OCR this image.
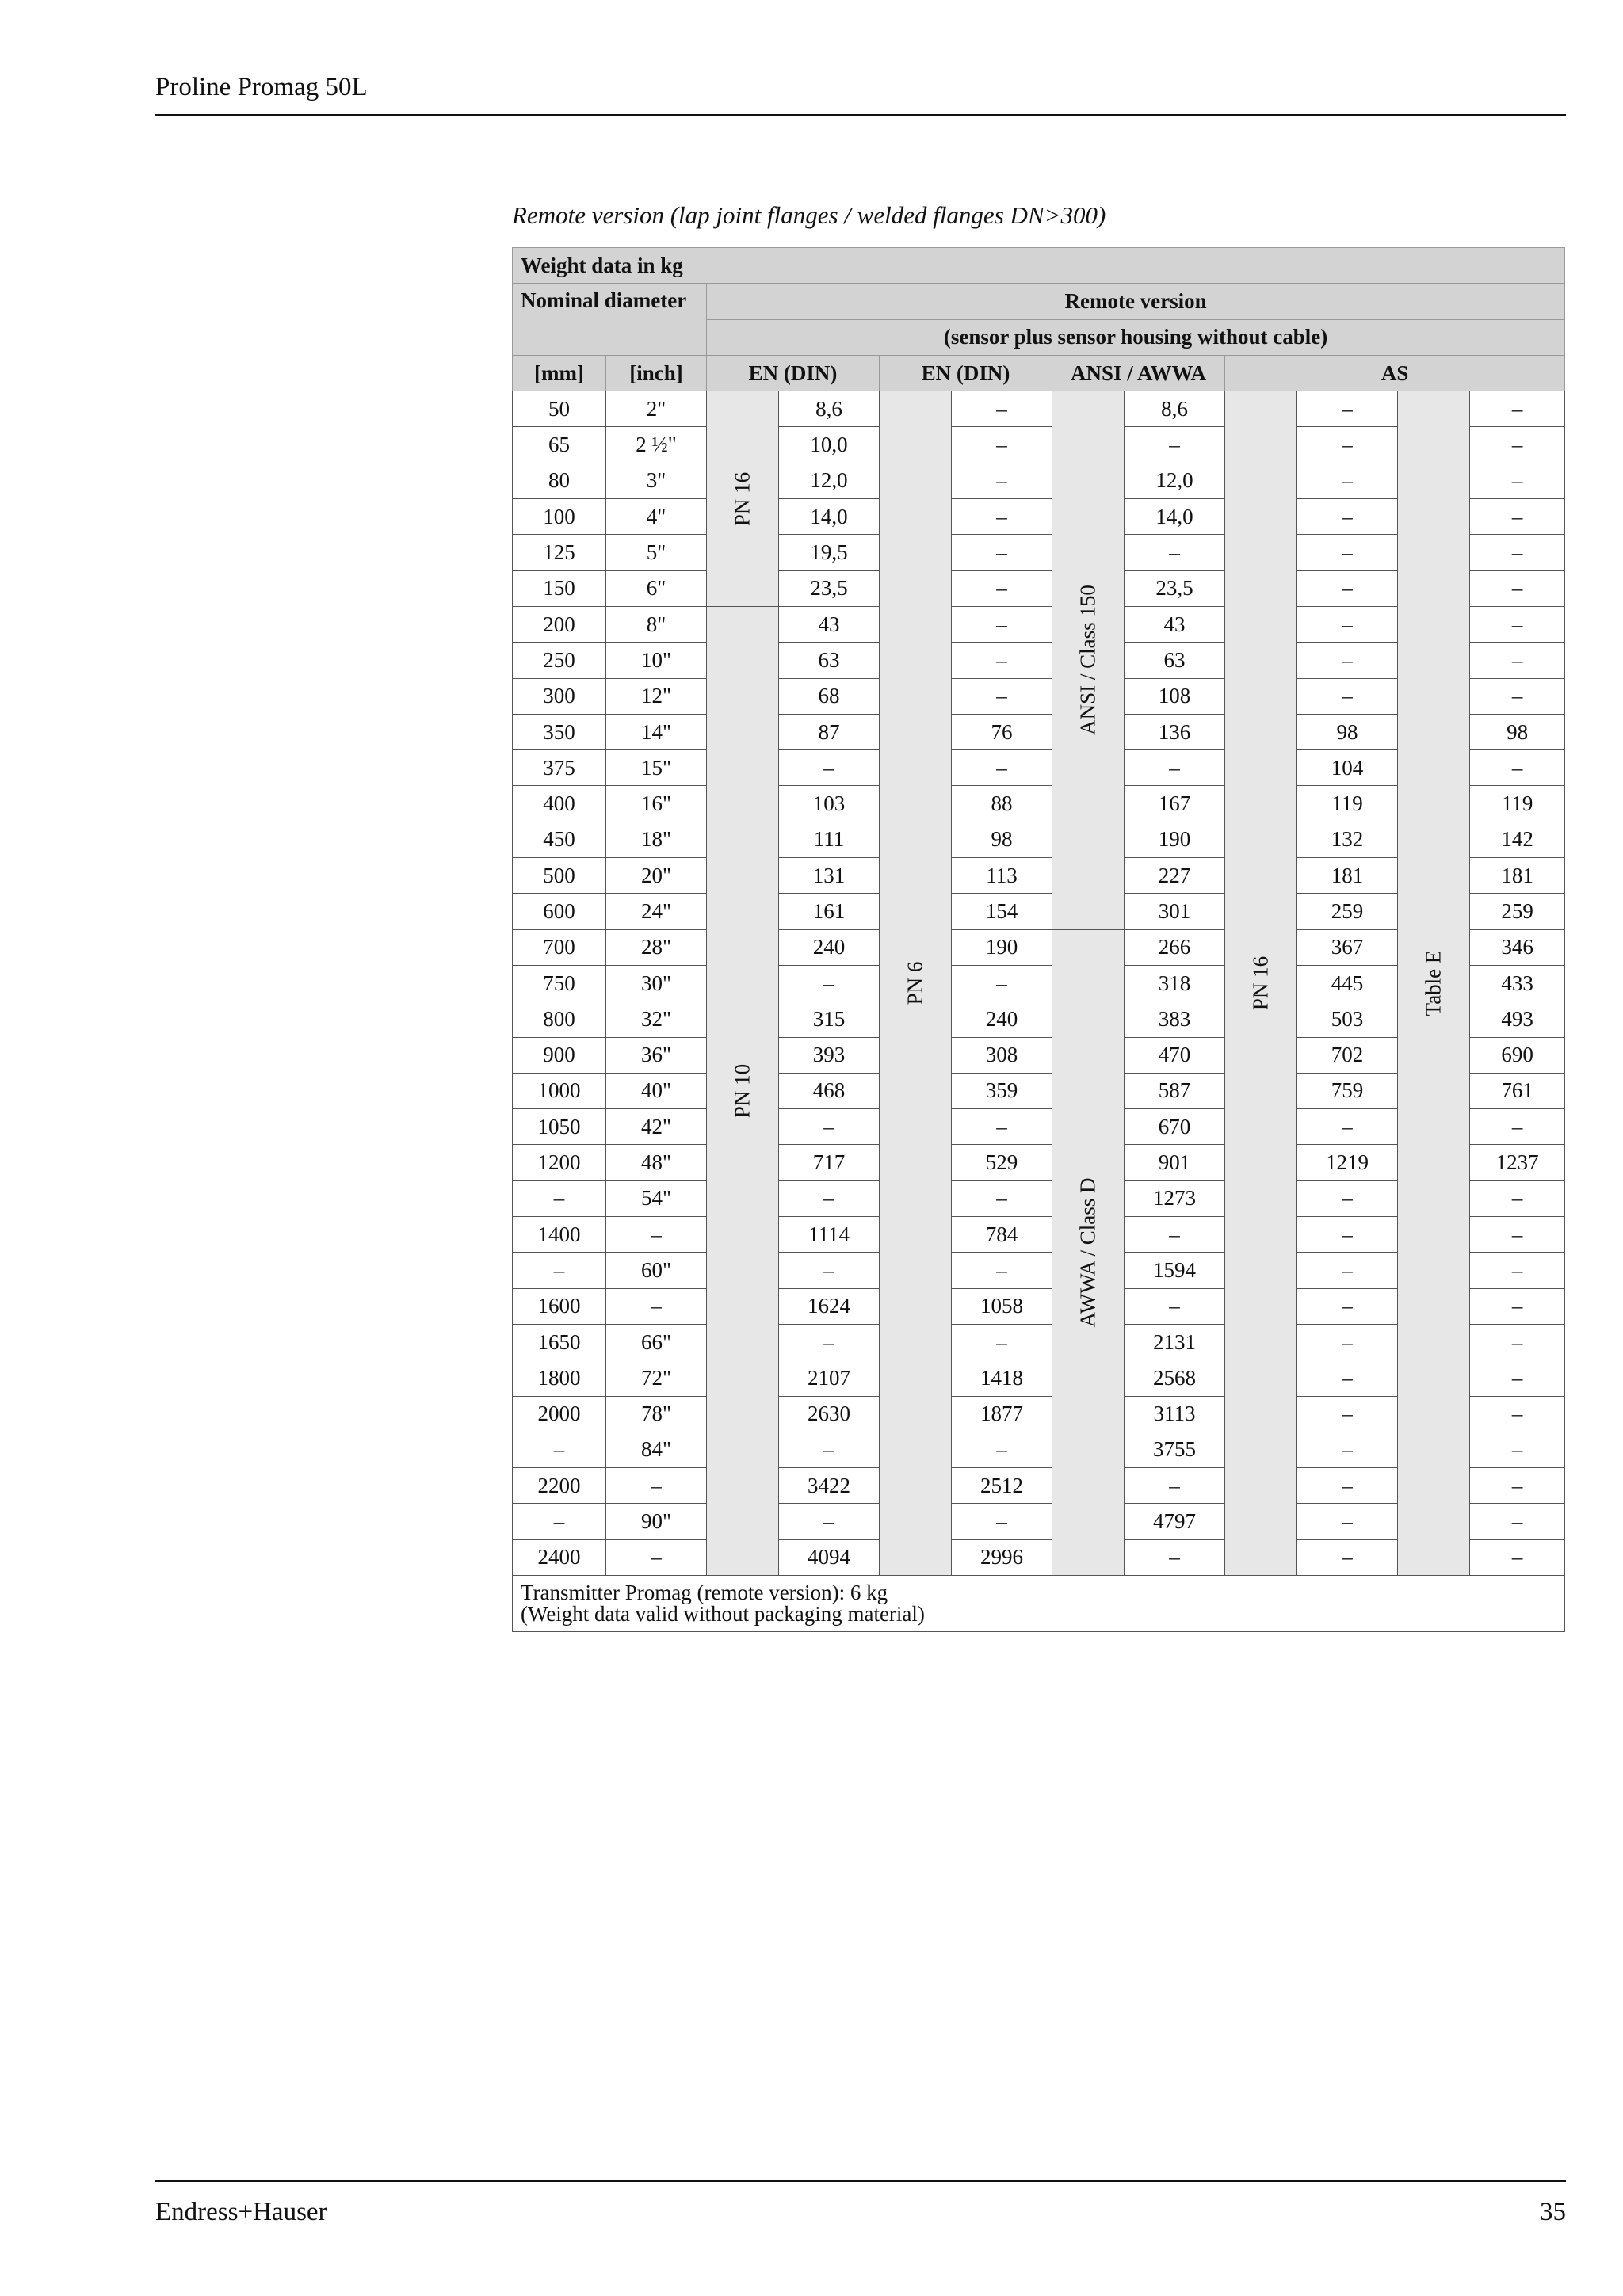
Proline Promag 50L
Remote version (lap joint flanges / welded flanges DN>300)
Weight data in kg											
Nominal diameter		Remote version									
		(sensor plus sensor housing without cable)									
[mm]	[inch]	EN (DIN)		EN (DIN)		ANSI / AWWA		AS			
50	2"	PN 16	8,6	PN 6	–	ANSI / Class 150	8,6	PN 16	–	Table E	–
65	2 ½"		10,0		–		–		–		–
80	3"		12,0		–		12,0		–		–
100	4"		14,0		–		14,0		–		–
125	5"		19,5		–		–		–		–
150	6"		23,5		–		23,5		–		–
200	8"	PN 10	43		–		43		–		–
250	10"		63		–		63		–		–
300	12"		68		–		108		–		–
350	14"		87		76		136		98		98
375	15"		–		–		–		104		–
400	16"		103		88		167		119		119
450	18"		111		98		190		132		142
500	20"		131		113		227		181		181
600	24"		161		154		301		259		259
700	28"		240		190	AWWA / Class D	266		367		346
750	30"		–		–		318		445		433
800	32"		315		240		383		503		493
900	36"		393		308		470		702		690
1000	40"		468		359		587		759		761
1050	42"		–		–		670		–		–
1200	48"		717		529		901		1219		1237
–	54"		–		–		1273		–		–
1400	–		1114		784		–		–		–
–	60"		–		–		1594		–		–
1600	–		1624		1058		–		–		–
1650	66"		–		–		2131		–		–
1800	72"		2107		1418		2568		–		–
2000	78"		2630		1877		3113		–		–
–	84"		–		–		3755		–		–
2200	–		3422		2512		–		–		–
–	90"		–		–		4797		–		–
2400	–		4094		2996		–		–		–

Transmitter Promag (remote version): 6 kg
(Weight data valid without packaging material)											
Endress+Hauser	35
